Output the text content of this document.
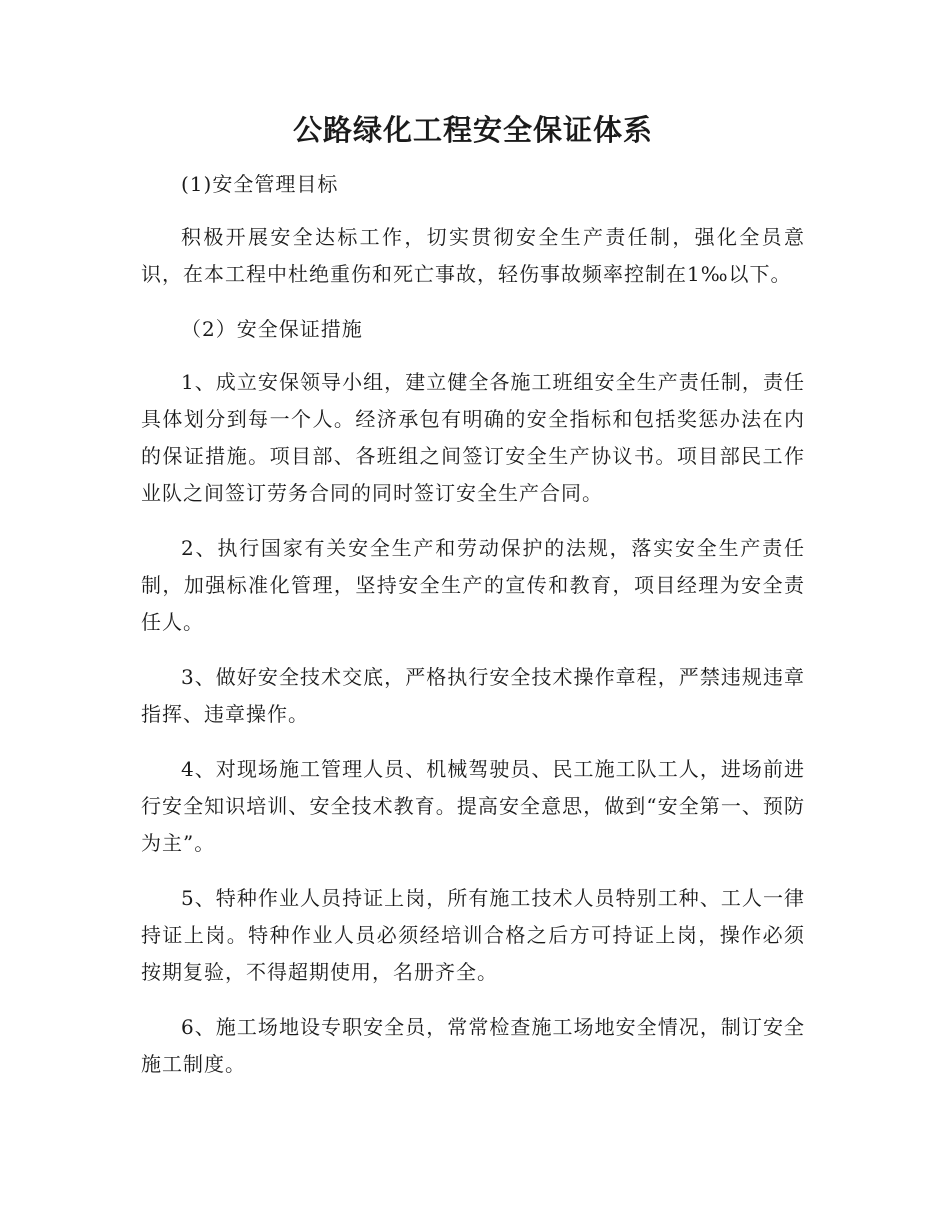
公路绿化工程安全保证体系

(1)安全管理目标

积极开展安全达标工作，切实贯彻安全生产责任制，强化全员意识，在本工程中杜绝重伤和死亡事故，轻伤事故频率控制在1‰以下。

（2）安全保证措施

1、成立安保领导小组，建立健全各施工班组安全生产责任制，责任具体划分到每一个人。经济承包有明确的安全指标和包括奖惩办法在内的保证措施。项目部、各班组之间签订安全生产协议书。项目部民工作业队之间签订劳务合同的同时签订安全生产合同。

2、执行国家有关安全生产和劳动保护的法规，落实安全生产责任制，加强标准化管理，坚持安全生产的宣传和教育，项目经理为安全责任人。

3、做好安全技术交底，严格执行安全技术操作章程，严禁违规违章指挥、违章操作。

4、对现场施工管理人员、机械驾驶员、民工施工队工人，进场前进行安全知识培训、安全技术教育。提高安全意思，做到“安全第一、预防为主”。

5、特种作业人员持证上岗，所有施工技术人员特别工种、工人一律持证上岗。特种作业人员必须经培训合格之后方可持证上岗，操作必须按期复验，不得超期使用，名册齐全。

6、施工场地设专职安全员，常常检查施工场地安全情况，制订安全施工制度。
